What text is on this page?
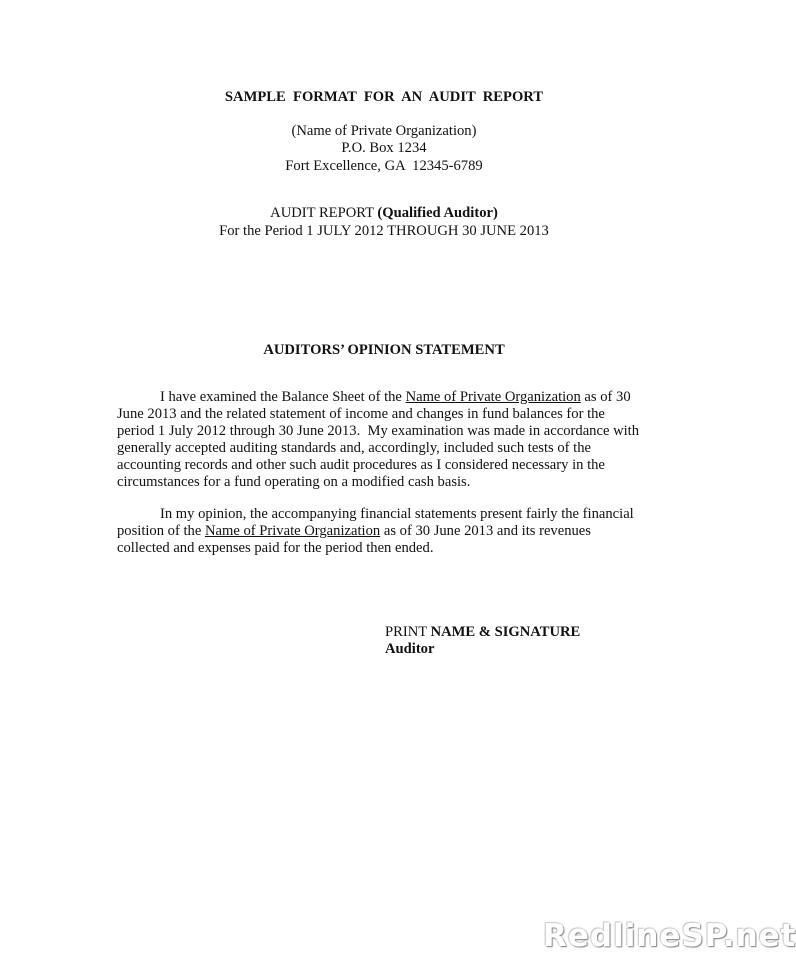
SAMPLE  FORMAT  FOR  AN  AUDIT  REPORT
(Name of Private Organization)
P.O. Box 1234
Fort Excellence, GA  12345-6789
AUDIT REPORT (Qualified Auditor)
For the Period 1 JULY 2012 THROUGH 30 JUNE 2013
AUDITORS’ OPINION STATEMENT
I have examined the Balance Sheet of the Name of Private Organization as of 30
June 2013 and the related statement of income and changes in fund balances for the
period 1 July 2012 through 30 June 2013.  My examination was made in accordance with
generally accepted auditing standards and, accordingly, included such tests of the
accounting records and other such audit procedures as I considered necessary in the
circumstances for a fund operating on a modified cash basis.
In my opinion, the accompanying financial statements present fairly the financial
position of the Name of Private Organization as of 30 June 2013 and its revenues
collected and expenses paid for the period then ended.
PRINT NAME & SIGNATURE
Auditor
RedlineSP.net
